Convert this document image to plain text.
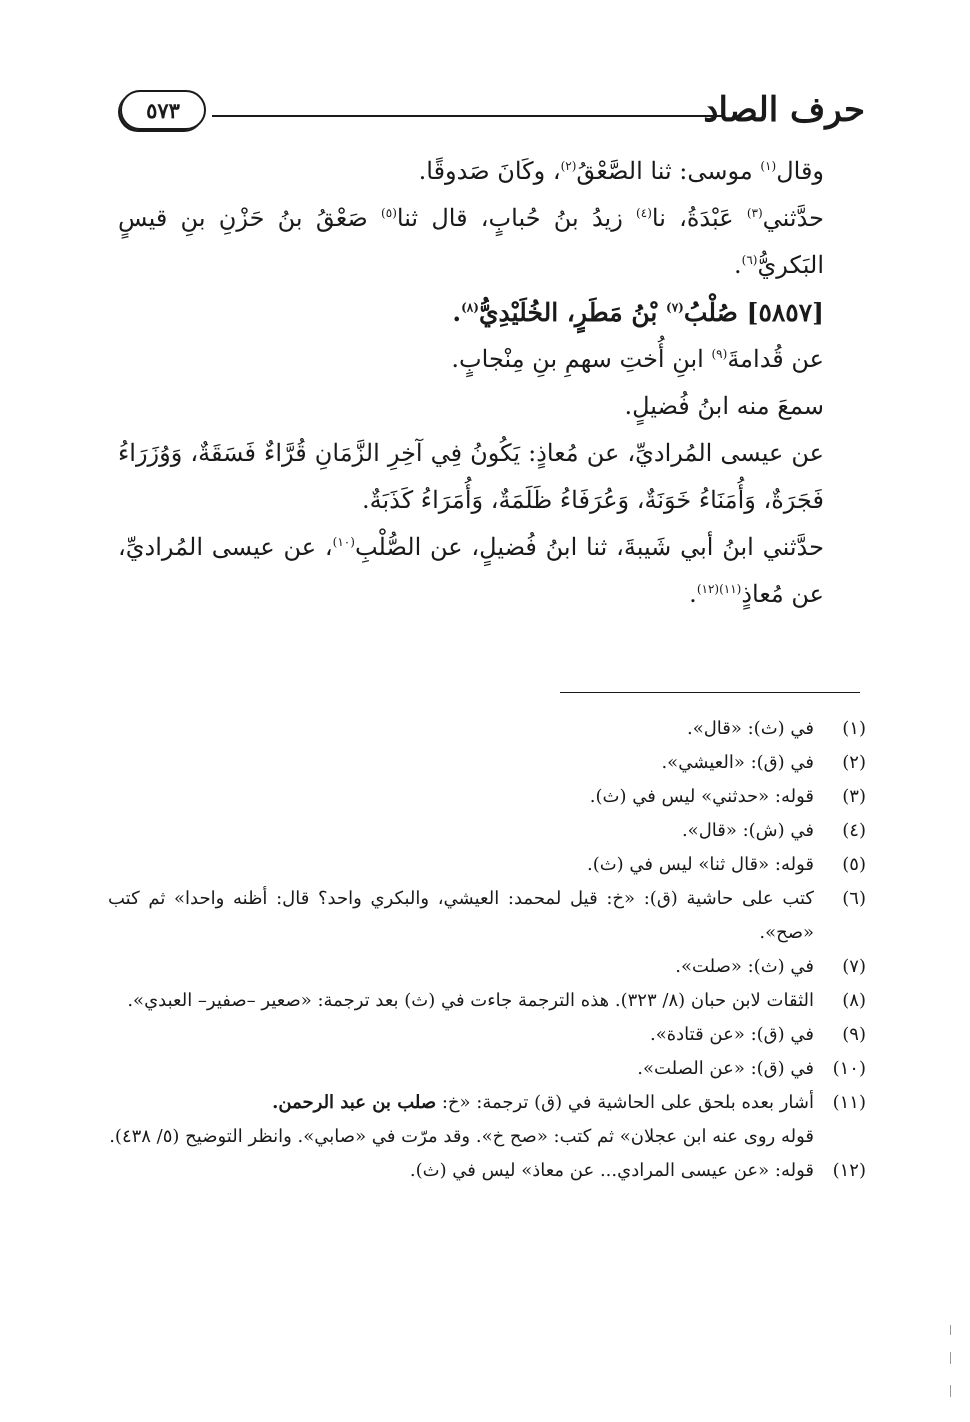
حرف الصاد
٥٧٣

وقال$^{(١)}$ موسى: ثنا الصَّعْقُ$^{(٢)}$، وكَانَ صَدوقًا.

حدَّثني$^{(٣)}$ عَبْدَةُ، نا$^{(٤)}$ زيدُ بنُ حُبابٍ، قال ثنا$^{(٥)}$ صَعْقُ بنُ حَزْنِ بنِ قيسٍ البَكريُّ$^{(٦)}$.

[٥٨٥٧] صُلْبُ$^{(٧)}$ بْنُ مَطَرٍ، الخُلَيْدِيُّ$^{(٨)}$.

عن قُدامةَ$^{(٩)}$ ابنِ أُختِ سهمِ بنِ مِنْجابٍ.

سمعَ منه ابنُ فُضيلٍ.

عن عيسى المُراديِّ، عن مُعاذٍ: يَكُونُ فِي آخِرِ الزَّمَانِ قُرَّاءٌ فَسَقَةٌ، وَوُزَرَاءُ فَجَرَةٌ، وَأُمَنَاءُ خَوَنَةٌ، وَعُرَفَاءُ ظَلَمَةٌ، وَأُمَرَاءُ كَذَبَةٌ.

حدَّثني ابنُ أبي شَيبةَ، ثنا ابنُ فُضيلٍ، عن الصُّلْبِ$^{(١٠)}$، عن عيسى المُراديِّ، عن مُعاذٍ$^{(١١)(١٢)}$.

(١)
في (ث): «قال».
(٢)
في (ق): «العيشي».
(٣)
قوله: «حدثني» ليس في (ث).
(٤)
في (ش): «قال».
(٥)
قوله: «قال ثنا» ليس في (ث).
(٦)
كتب على حاشية (ق): «خ: قيل لمحمد: العيشي، والبكري واحد؟ قال: أظنه واحدا» ثم كتب «صح».
(٧)
في (ث): «صلت».
(٨)
الثقات لابن حبان (٨/ ٣٢٣). هذه الترجمة جاءت في (ث) بعد ترجمة: «صعير –صفير– العبدي».
(٩)
في (ق): «عن قتادة».
(١٠)
في (ق): «عن الصلت».
(١١)
أشار بعده بلحق على الحاشية في (ق) ترجمة: «خ: صلب بن عبد الرحمن.
قوله روى عنه ابن عجلان» ثم كتب: «صح خ». وقد مرّت في «صابي». وانظر التوضيح (٥/ ٤٣٨).
(١٢)
قوله: «عن عيسى المرادي... عن معاذ» ليس في (ث).
